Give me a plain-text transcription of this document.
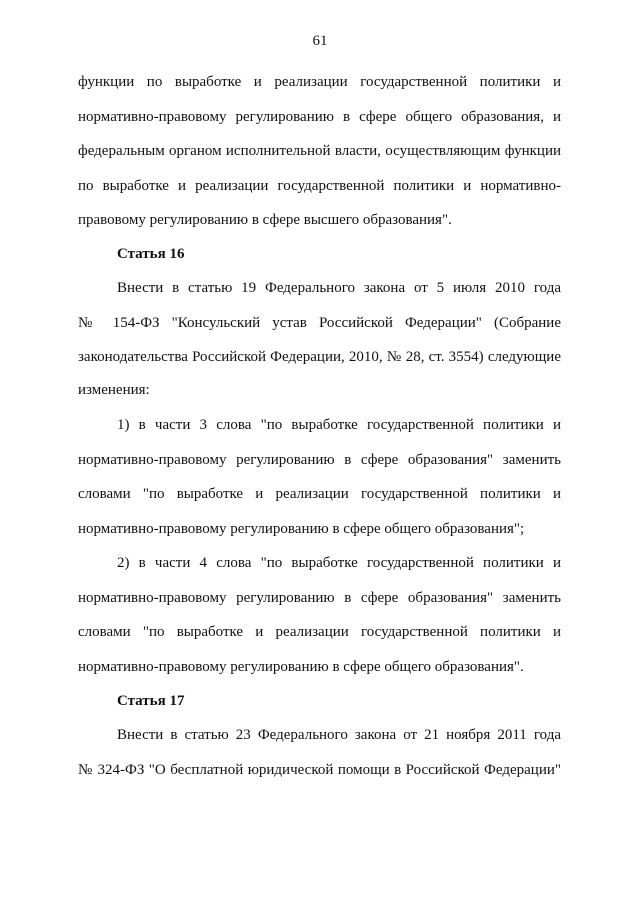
61
функции по выработке и реализации государственной политики и
нормативно-правовому регулированию в сфере общего образования, и
федеральным органом исполнительной власти, осуществляющим функции
по выработке и реализации государственной политики и нормативно-
правовому регулированию в сфере высшего образования".
Статья 16
Внести в статью 19 Федерального закона от 5 июля 2010 года
№ 154-ФЗ "Консульский устав Российской Федерации" (Собрание
законодательства Российской Федерации, 2010, № 28, ст. 3554) следующие
изменения:
1) в части 3 слова "по выработке государственной политики и
нормативно-правовому регулированию в сфере образования" заменить
словами "по выработке и реализации государственной политики и
нормативно-правовому регулированию в сфере общего образования";
2) в части 4 слова "по выработке государственной политики и
нормативно-правовому регулированию в сфере образования" заменить
словами "по выработке и реализации государственной политики и
нормативно-правовому регулированию в сфере общего образования".
Статья 17
Внести в статью 23 Федерального закона от 21 ноября 2011 года
№ 324-ФЗ "О бесплатной юридической помощи в Российской Федерации"
